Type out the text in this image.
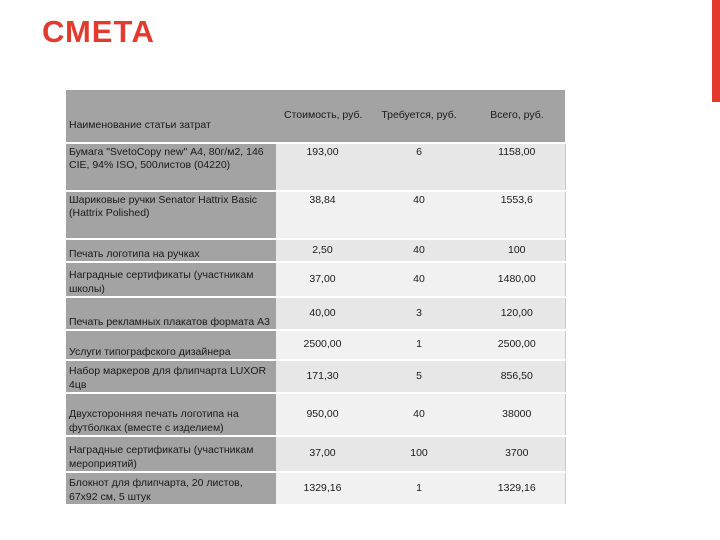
СМЕТА
Наименование статьи затрат	Стоимость, руб.	Требуется, руб.	Всего, руб.
Бумага "SvetoCopy new" А4, 80г/м2, 146 CIE, 94% ISO, 500листов (04220)	193,00	6	1158,00
Шариковые ручки Senator Hattrix Basic (Hattrix Polished)	38,84	40	1553,6
Печать логотипа на ручках	2,50	40	100
Наградные сертификаты (участникам школы)	37,00	40	1480,00
Печать рекламных плакатов формата А3	40,00	3	120,00
Услуги типографского дизайнера	2500,00	1	2500,00
Набор маркеров для флипчарта LUXOR 4цв	171,30	5	856,50
Двухсторонняя печать логотипа на футболках (вместе с изделием)	950,00	40	38000
Наградные сертификаты (участникам мероприятий)	37,00	100	3700
Блокнот для флипчарта, 20 листов, 67х92 см, 5 штук	1329,16	1	1329,16
